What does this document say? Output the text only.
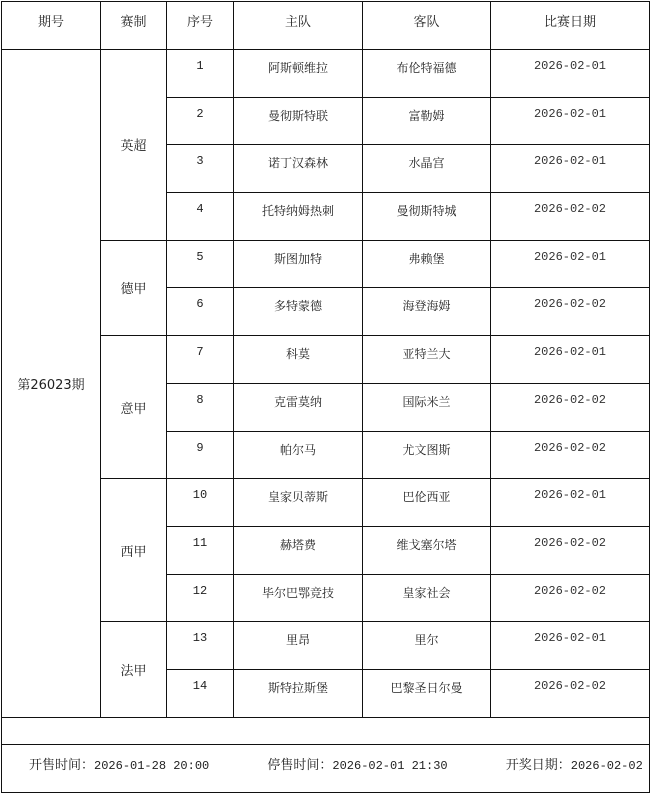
期号	赛制	序号	主队	客队	比赛日期
第26023期	英超	1	阿斯顿维拉	布伦特福德	2026-02-01
		2	曼彻斯特联	富勒姆	2026-02-01
		3	诺丁汉森林	水晶宫	2026-02-01
		4	托特纳姆热刺	曼彻斯特城	2026-02-02
	德甲	5	斯图加特	弗赖堡	2026-02-01
		6	多特蒙德	海登海姆	2026-02-02
	意甲	7	科莫	亚特兰大	2026-02-01
		8	克雷莫纳	国际米兰	2026-02-02
		9	帕尔马	尤文图斯	2026-02-02
	西甲	10	皇家贝蒂斯	巴伦西亚	2026-02-01
		11	赫塔费	维戈塞尔塔	2026-02-02
		12	毕尔巴鄂竞技	皇家社会	2026-02-02
	法甲	13	里昂	里尔	2026-02-01
		14	斯特拉斯堡	巴黎圣日尔曼	2026-02-02

开售时间：2026-01-28 20:00 停售时间：2026-02-01 21:30 开奖日期：2026-02-02					
